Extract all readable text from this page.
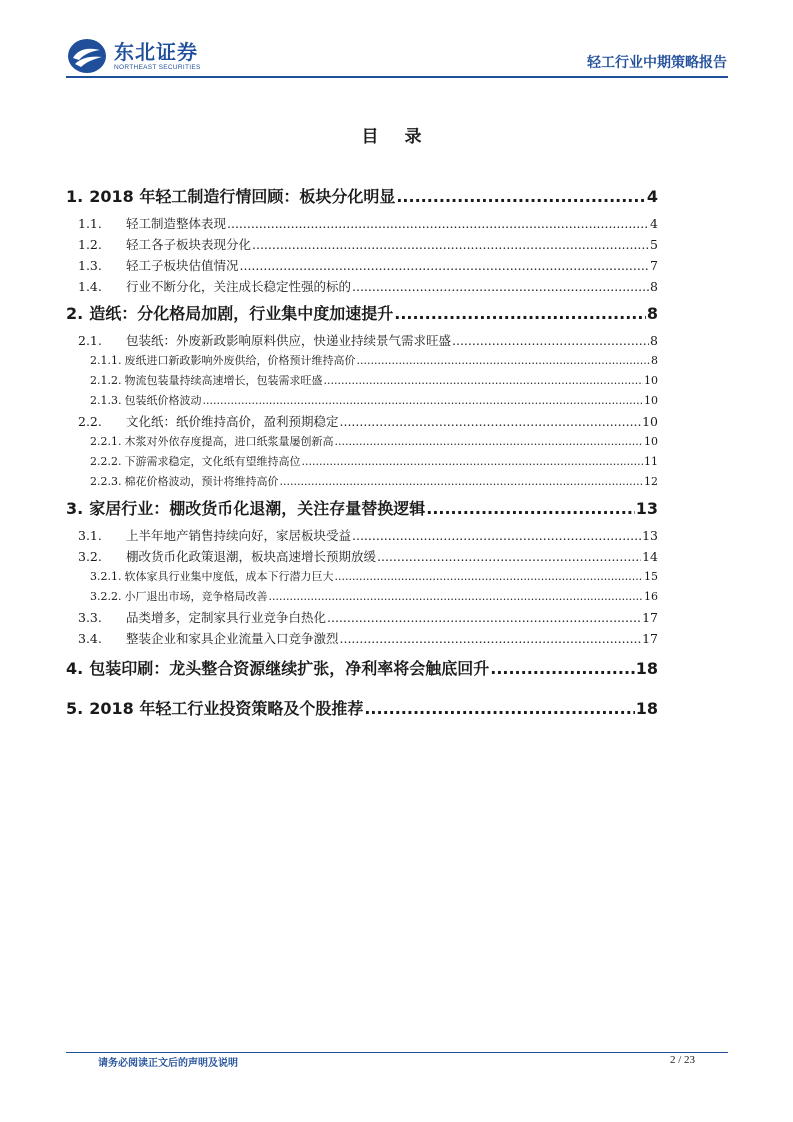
东北证券
NORTHEAST SECURITIES	轻工行业中期策略报告
目 录
1. 2018 年轻工制造行情回顾：板块分化明显 .....	4
1.1. 轻工制造整体表现 .....	4
1.2. 轻工各子板块表现分化 .....	5
1.3. 轻工子板块估值情况 .....	7
1.4. 行业不断分化，关注成长稳定性强的标的 .....	8
2. 造纸：分化格局加剧，行业集中度加速提升 .....	8
2.1. 包装纸：外废新政影响原料供应，快递业持续景气需求旺盛 .....	8
2.1.1. 废纸进口新政影响外废供给，价格预计维持高价 .....	8
2.1.2. 物流包装量持续高速增长，包装需求旺盛 .....	10
2.1.3. 包装纸价格波动 .....	10
2.2. 文化纸：纸价维持高价，盈利预期稳定 .....	10
2.2.1. 木浆对外依存度提高，进口纸浆量屡创新高 .....	10
2.2.2. 下游需求稳定，文化纸有望维持高位 .....	11
2.2.3. 棉花价格波动，预计将维持高价 .....	12
3. 家居行业：棚改货币化退潮，关注存量替换逻辑 .....	13
3.1. 上半年地产销售持续向好，家居板块受益 .....	13
3.2. 棚改货币化政策退潮，板块高速增长预期放缓 .....	14
3.2.1. 软体家具行业集中度低，成本下行潜力巨大 .....	15
3.2.2. 小厂退出市场，竞争格局改善 .....	16
3.3. 品类增多，定制家具行业竞争白热化 .....	17
3.4. 整装企业和家具企业流量入口竞争激烈 .....	17
4. 包装印刷：龙头整合资源继续扩张，净利率将会触底回升 .....	18
5. 2018 年轻工行业投资策略及个股推荐 .....	18
请务必阅读正文后的声明及说明	2 / 23
